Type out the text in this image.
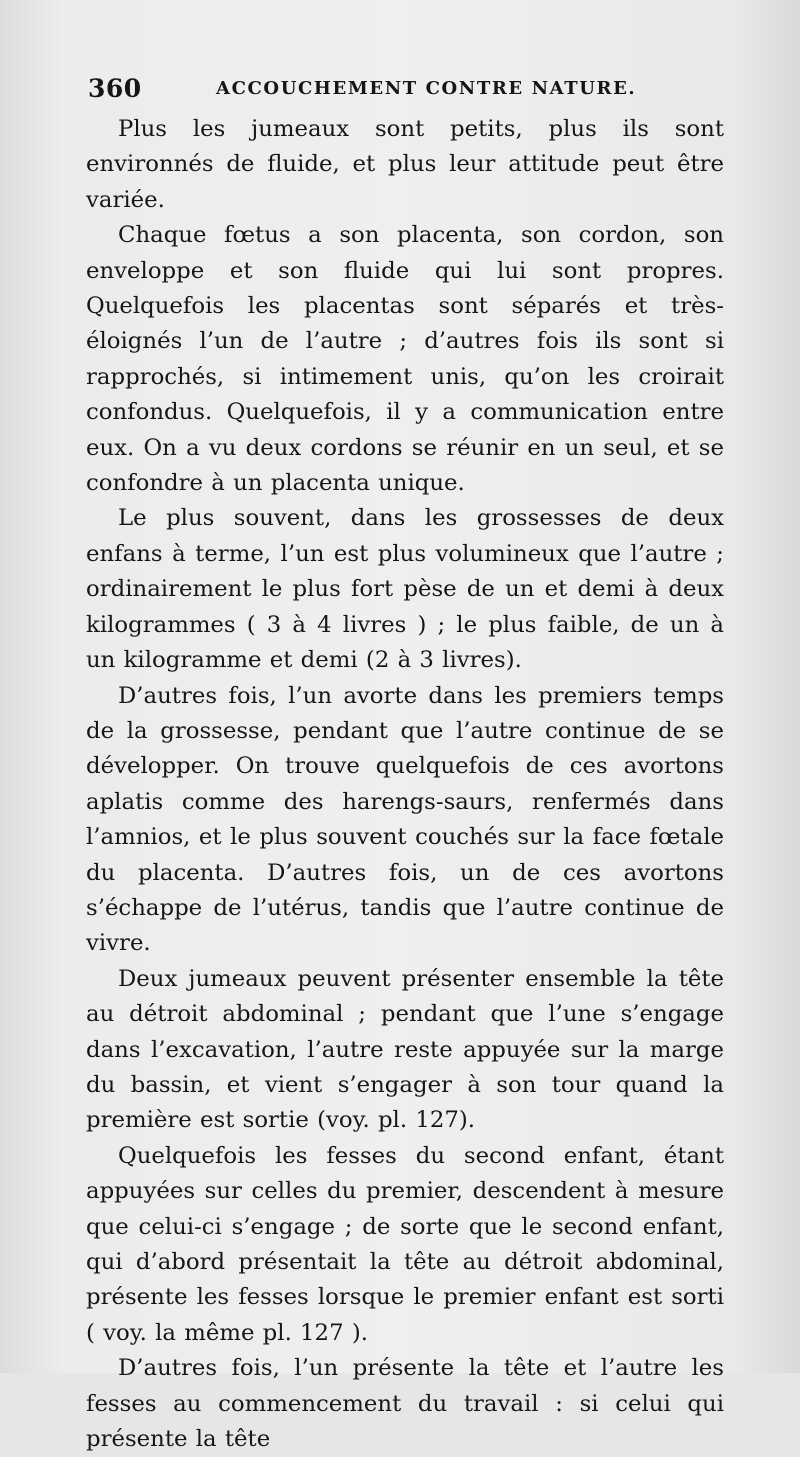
360	ACCOUCHEMENT CONTRE NATURE.

Plus les jumeaux sont petits, plus ils sont environnés de fluide, et plus leur attitude peut être variée.

Chaque fœtus a son placenta, son cordon, son enveloppe et son fluide qui lui sont propres. Quelquefois les placentas sont séparés et très-éloignés l’un de l’autre ; d’autres fois ils sont si rapprochés, si intimement unis, qu’on les croirait confondus. Quelquefois, il y a communication entre eux. On a vu deux cordons se réunir en un seul, et se confondre à un placenta unique.

Le plus souvent, dans les grossesses de deux enfans à terme, l’un est plus volumineux que l’autre ; ordinairement le plus fort pèse de un et demi à deux kilogrammes ( 3 à 4 livres ) ; le plus faible, de un à un kilogramme et demi (2 à 3 livres).

D’autres fois, l’un avorte dans les premiers temps de la grossesse, pendant que l’autre continue de se développer. On trouve quelquefois de ces avortons aplatis comme des harengs-saurs, renfermés dans l’amnios, et le plus souvent couchés sur la face fœtale du placenta. D’autres fois, un de ces avortons s’échappe de l’utérus, tandis que l’autre continue de vivre.

Deux jumeaux peuvent présenter ensemble la tête au détroit abdominal ; pendant que l’une s’engage dans l’excavation, l’autre reste appuyée sur la marge du bassin, et vient s’engager à son tour quand la première est sortie (voy. pl. 127).

Quelquefois les fesses du second enfant, étant appuyées sur celles du premier, descendent à mesure que celui-ci s’engage ; de sorte que le second enfant, qui d’abord présentait la tête au détroit abdominal, présente les fesses lorsque le premier enfant est sorti ( voy. la même pl. 127 ).

D’autres fois, l’un présente la tête et l’autre les fesses au commencement du travail : si celui qui présente la tête
